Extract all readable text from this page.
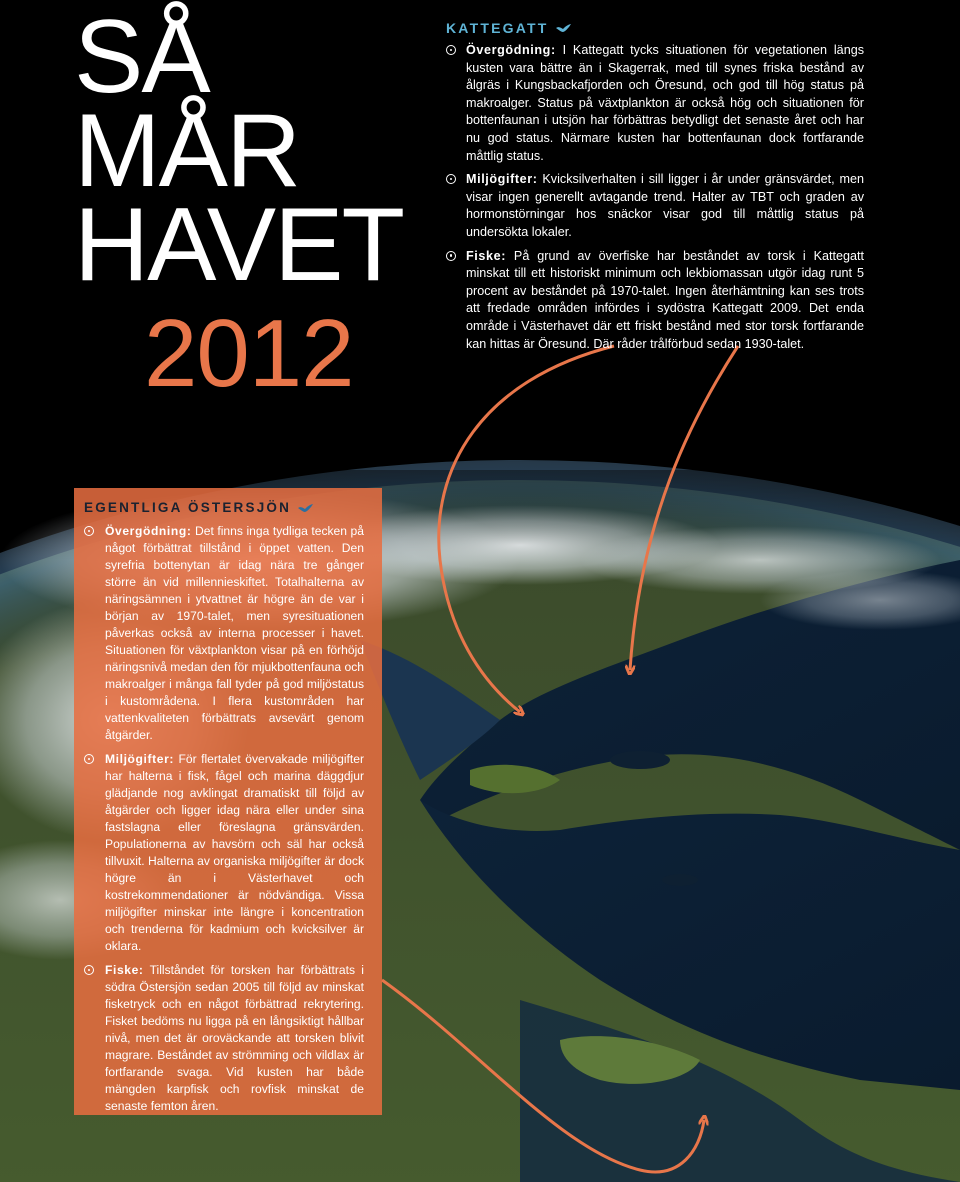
SÅ
MÅR
HAVET
2012
KATTEGATT

Övergödning: I Kattegatt tycks situationen för vegetationen längs kusten vara bättre än i Skagerrak, med till synes friska bestånd av ålgräs i Kungsbackafjorden och Öresund, och god till hög status på makroalger. Status på växtplankton är också hög och situationen för bottenfaunan i utsjön har förbättras betydligt det senaste året och har nu god status. Närmare kusten har bottenfaunan dock fortfarande måttlig status.

Miljögifter: Kvicksilverhalten i sill ligger i år under gränsvärdet, men visar ingen generellt avtagande trend. Halter av TBT och graden av hormonstörningar hos snäckor visar god till måttlig status på undersökta lokaler.

Fiske: På grund av överfiske har beståndet av torsk i Kattegatt minskat till ett historiskt minimum och lekbiomassan utgör idag runt 5 procent av beståndet på 1970-talet. Ingen återhämtning kan ses trots att fredade områden infördes i sydöstra Kattegatt 2009. Det enda område i Västerhavet där ett friskt bestånd med stor torsk fortfarande kan hittas är Öresund. Där råder trålförbud sedan 1930-talet.

EGENTLIGA ÖSTERSJÖN

Övergödning: Det finns inga tydliga tecken på något förbättrat tillstånd i öppet vatten. Den syrefria bottenytan är idag nära tre gånger större än vid millennieskiftet. Totalhalterna av näringsämnen i ytvattnet är högre än de var i början av 1970-talet, men syresituationen påverkas också av interna processer i havet. Situationen för växtplankton visar på en förhöjd näringsnivå medan den för mjukbottenfauna och makroalger i många fall tyder på god miljöstatus i kustområdena. I flera kustområden har vattenkvaliteten förbättrats avsevärt genom åtgärder.

Miljögifter: För flertalet övervakade miljögifter har halterna i fisk, fågel och marina däggdjur glädjande nog avklingat dramatiskt till följd av åtgärder och ligger idag nära eller under sina fastslagna eller föreslagna gränsvärden. Populationerna av havsörn och säl har också tillvuxit. Halterna av organiska miljögifter är dock högre än i Västerhavet och kostrekommendationer är nödvändiga. Vissa miljögifter minskar inte längre i koncentration och trenderna för kadmium och kvicksilver är oklara.

Fiske: Tillståndet för torsken har förbättrats i södra Östersjön sedan 2005 till följd av minskat fisketryck och en något förbättrad rekrytering. Fisket bedöms nu ligga på en långsiktigt hållbar nivå, men det är oroväckande att torsken blivit magrare. Beståndet av strömming och vildlax är fortfarande svaga. Vid kusten har både mängden karpfisk och rovfisk minskat de senaste femton åren.
